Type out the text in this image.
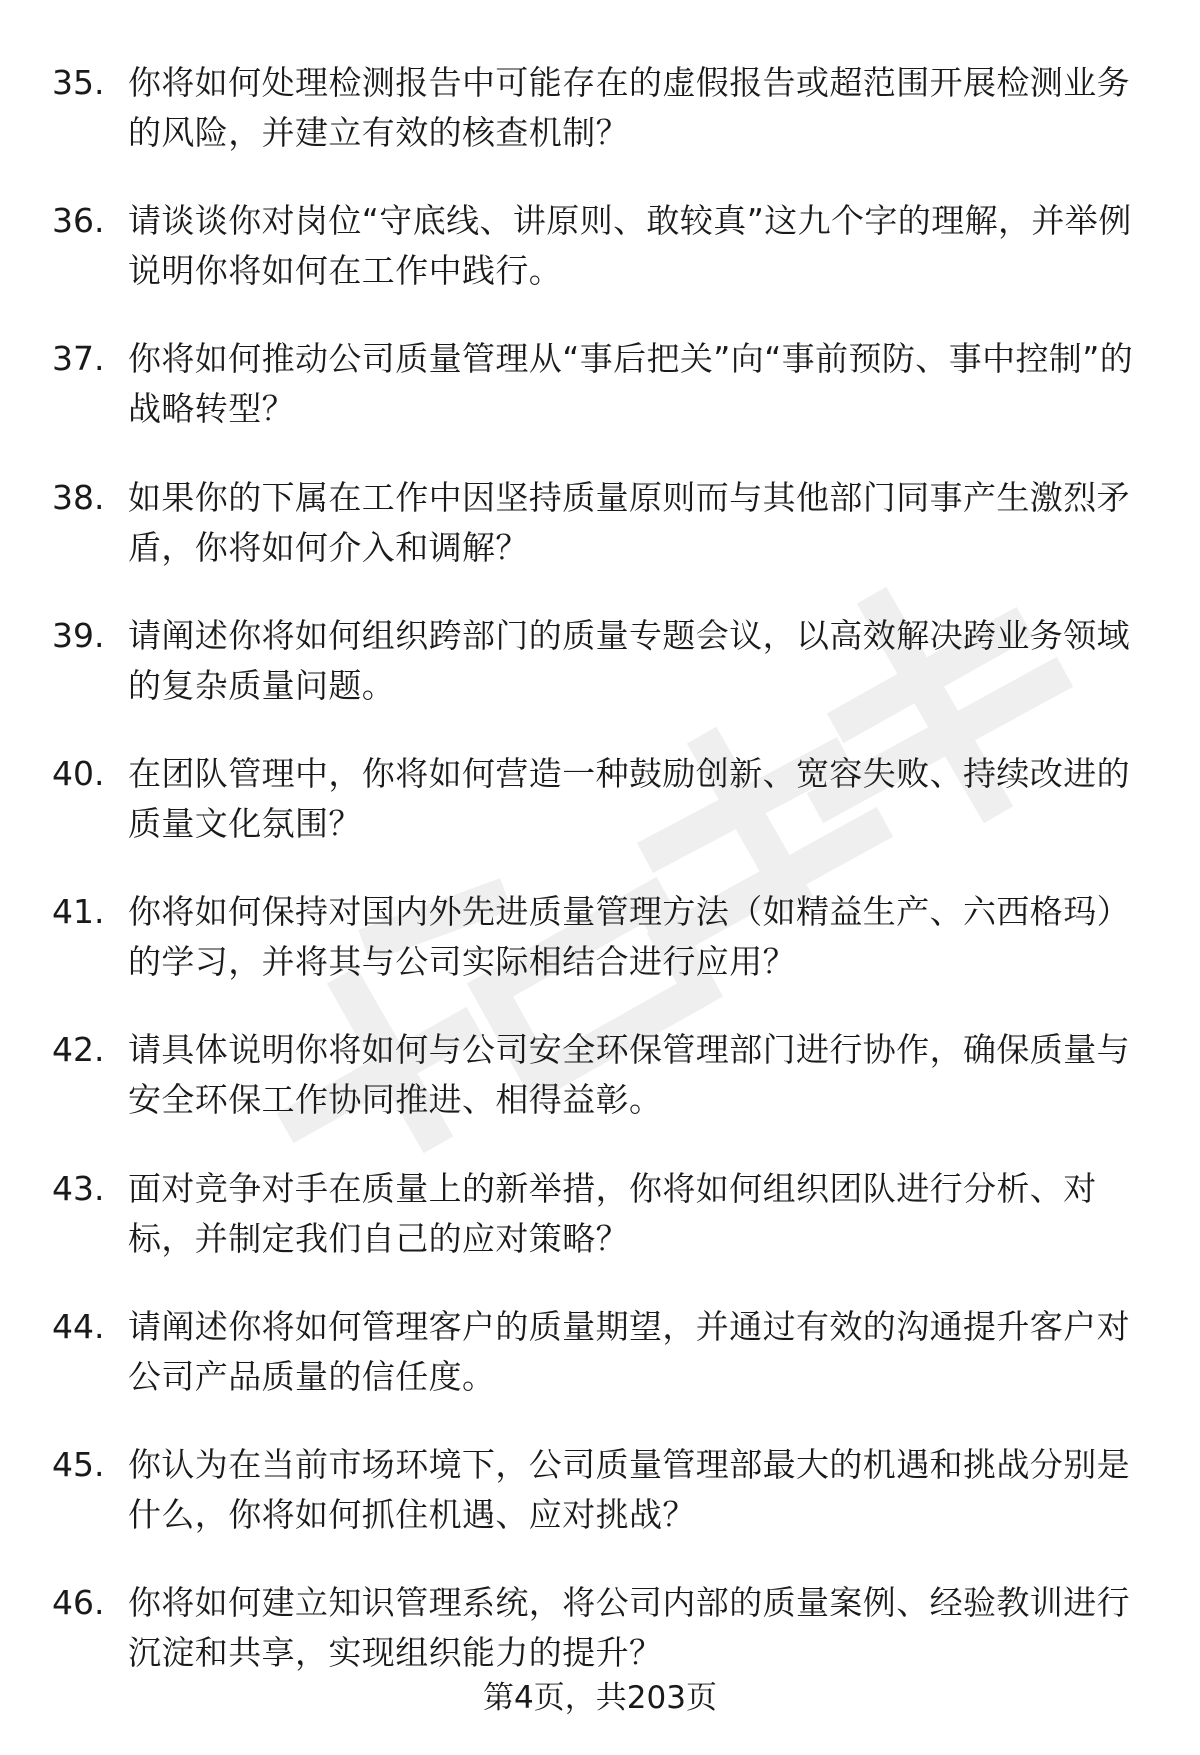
35. 你将如何处理检测报告中可能存在的虚假报告或超范围开展检测业务的风险，并建立有效的核查机制？
36. 请谈谈你对岗位“守底线、讲原则、敢较真”这九个字的理解，并举例说明你将如何在工作中践行。
37. 你将如何推动公司质量管理从“事后把关”向“事前预防、事中控制”的战略转型？
38. 如果你的下属在工作中因坚持质量原则而与其他部门同事产生激烈矛盾，你将如何介入和调解？
39. 请阐述你将如何组织跨部门的质量专题会议，以高效解决跨业务领域的复杂质量问题。
40. 在团队管理中，你将如何营造一种鼓励创新、宽容失败、持续改进的质量文化氛围？
41. 你将如何保持对国内外先进质量管理方法（如精益生产、六西格玛）的学习，并将其与公司实际相结合进行应用？
42. 请具体说明你将如何与公司安全环保管理部门进行协作，确保质量与安全环保工作协同推进、相得益彰。
43. 面对竞争对手在质量上的新举措，你将如何组织团队进行分析、对标，并制定我们自己的应对策略？
44. 请阐述你将如何管理客户的质量期望，并通过有效的沟通提升客户对公司产品质量的信任度。
45. 你认为在当前市场环境下，公司质量管理部最大的机遇和挑战分别是什么，你将如何抓住机遇、应对挑战？
46. 你将如何建立知识管理系统，将公司内部的质量案例、经验教训进行沉淀和共享，实现组织能力的提升？
第4页，共203页
